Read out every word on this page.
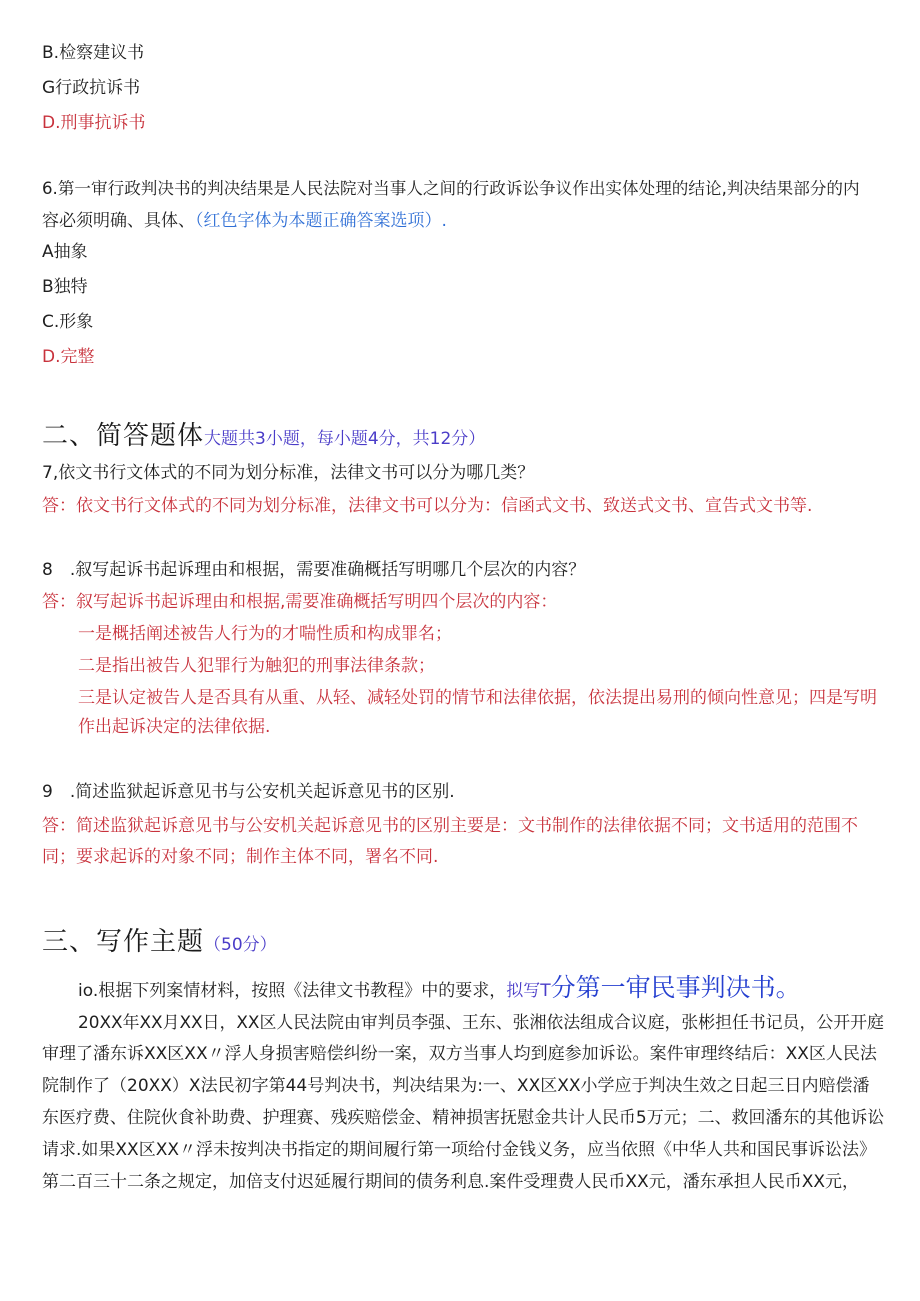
B.检察建议书
G行政抗诉书
D.刑事抗诉书
6.第一审行政判决书的判决结果是人民法院对当事人之间的行政诉讼争议作出实体处理的结论,判决结果部分的内
容必须明确、具体、（红色字体为本题正确答案选项）.
A抽象
B独特
C.形象
D.完整
二、简答题体大题共3小题，每小题4分，共12分）
7,依文书行文体式的不同为划分标准，法律文书可以分为哪几类？
答：依文书行文体式的不同为划分标准，法律文书可以分为：信函式文书、致送式文书、宣告式文书等.
8　.叙写起诉书起诉理由和根据，需要准确概括写明哪几个层次的内容？
答：叙写起诉书起诉理由和根据,需要准确概括写明四个层次的内容：
一是概括阐述被告人行为的才喘性质和构成罪名；
二是指出被告人犯罪行为触犯的刑事法律条款；
三是认定被告人是否具有从重、从轻、减轻处罚的情节和法律依据，依法提出易刑的倾向性意见；四是写明
作出起诉决定的法律依据.
9　.简述监狱起诉意见书与公安机关起诉意见书的区别.
答：简述监狱起诉意见书与公安机关起诉意见书的区别主要是：文书制作的法律依据不同；文书适用的范围不
同；要求起诉的对象不同；制作主体不同，署名不同.
三、写作主题（50分）
io.根据下列案情材料，按照《法律文书教程》中的要求，拟写T分第一审民事判决书。
20XX年XX月XX日，XX区人民法院由审判员李强、王东、张湘依法组成合议庭，张彬担任书记员，公开开庭
审理了潘东诉XX区XX〃浮人身损害赔偿纠纷一案，双方当事人均到庭参加诉讼。案件审理终结后：XX区人民法
院制作了（20XX）X法民初字第44号判决书，判决结果为:一、XX区XX小学应于判决生效之日起三日内赔偿潘
东医疗费、住院伙食补助费、护理赛、残疾赔偿金、精神损害抚慰金共计人民币5万元；二、救回潘东的其他诉讼
请求.如果XX区XX〃浮未按判决书指定的期间履行第一项给付金钱义务，应当依照《中华人共和国民事诉讼法》
第二百三十二条之规定，加倍支付迟延履行期间的债务利息.案件受理费人民币XX元，潘东承担人民币XX元，
